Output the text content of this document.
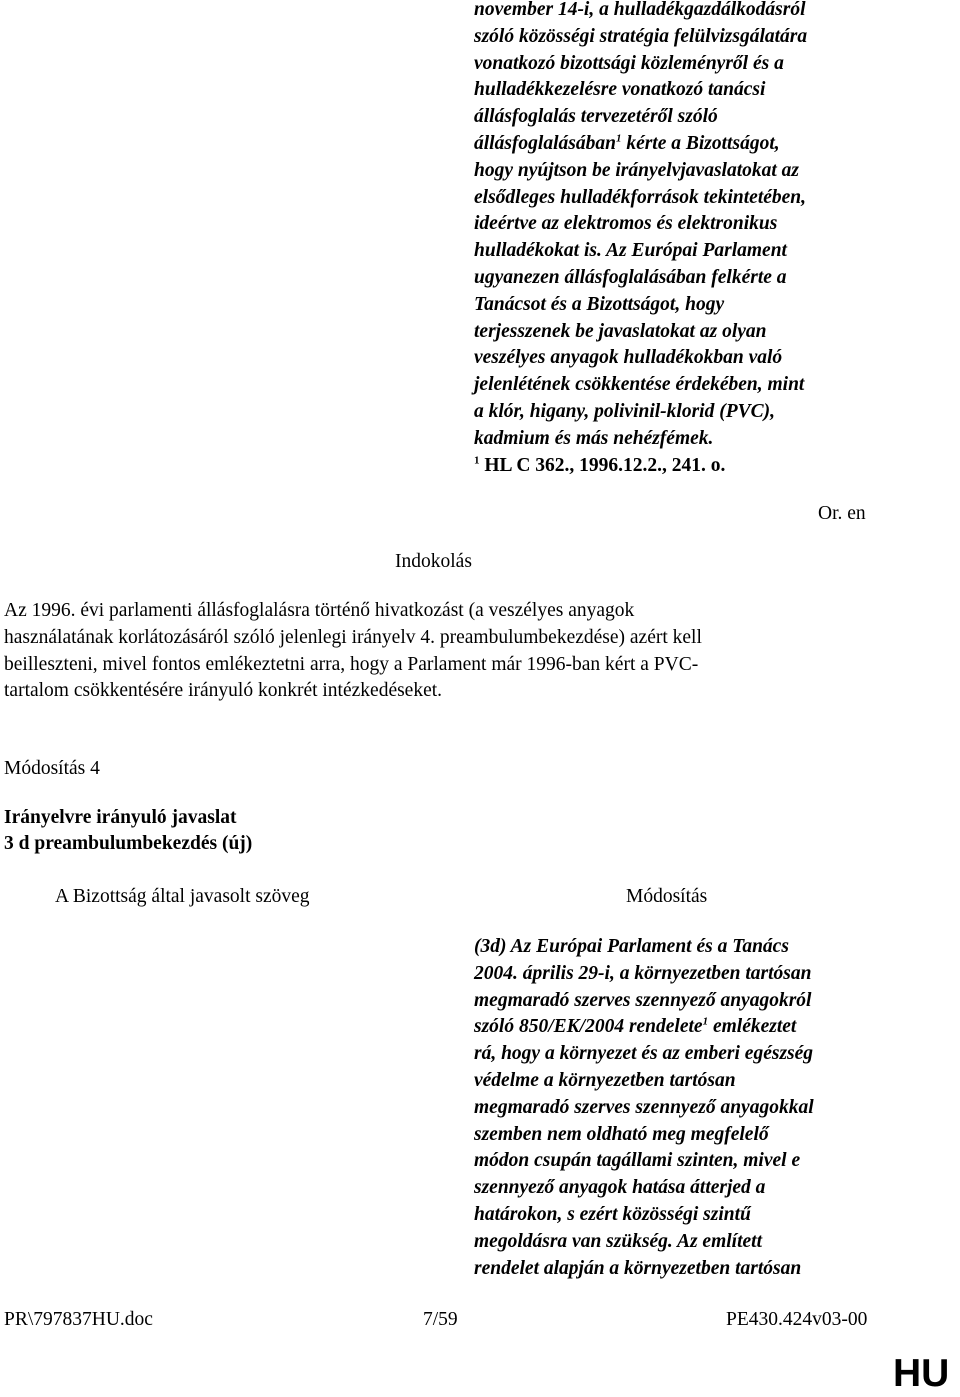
november 14-i, a hulladékgazdálkodásról
szóló közösségi stratégia felülvizsgálatára
vonatkozó bizottsági közleményről és a
hulladékkezelésre vonatkozó tanácsi
állásfoglalás tervezetéről szóló
állásfoglalásában$^1$ kérte a Bizottságot,
hogy nyújtson be irányelvjavaslatokat az
elsődleges hulladékforrások tekintetében,
ideértve az elektromos és elektronikus
hulladékokat is. Az Európai Parlament
ugyanezen állásfoglalásában felkérte a
Tanácsot és a Bizottságot, hogy
terjesszenek be javaslatokat az olyan
veszélyes anyagok hulladékokban való
jelenlétének csökkentése érdekében, mint
a klór, higany, polivinil-klorid (PVC),
kadmium és más nehézfémek.
$^1$ HL C 362., 1996.12.2., 241. o.
Or. en
Indokolás
Az 1996. évi parlamenti állásfoglalásra történő hivatkozást (a veszélyes anyagok
használatának korlátozásáról szóló jelenlegi irányelv 4. preambulumbekezdése) azért kell
beilleszteni, mivel fontos emlékeztetni arra, hogy a Parlament már 1996-ban kért a PVC-
tartalom csökkentésére irányuló konkrét intézkedéseket.
Módosítás 4
Irányelvre irányuló javaslat
3 d preambulumbekezdés (új)
A Bizottság által javasolt szöveg	Módosítás
(3d) Az Európai Parlament és a Tanács
2004. április 29-i, a környezetben tartósan
megmaradó szerves szennyező anyagokról
szóló 850/EK/2004 rendelete$^1$ emlékeztet
rá, hogy a környezet és az emberi egészség
védelme a környezetben tartósan
megmaradó szerves szennyező anyagokkal
szemben nem oldható meg megfelelő
módon csupán tagállami szinten, mivel e
szennyező anyagok hatása átterjed a
határokon, s ezért közösségi szintű
megoldásra van szükség. Az említett
rendelet alapján a környezetben tartósan
PR\797837HU.doc	7/59	PE430.424v03-00
HU
